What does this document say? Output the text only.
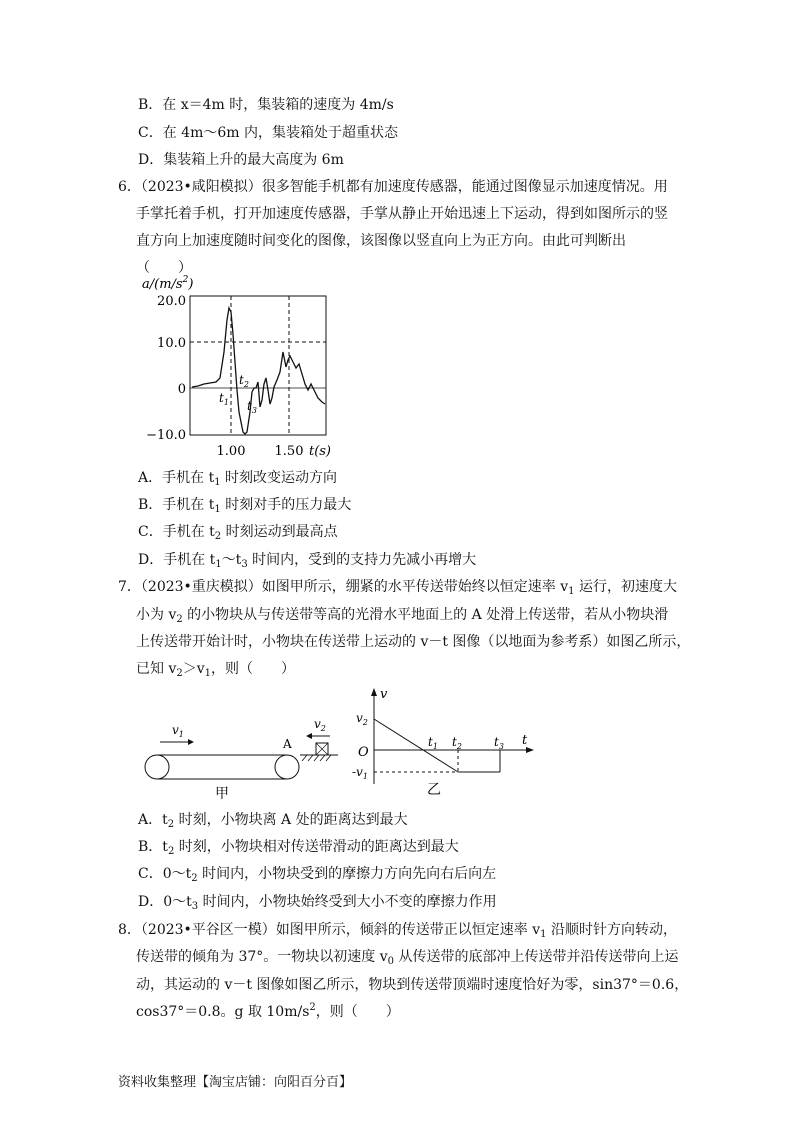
B．在 x＝4m 时，集装箱的速度为 4m/s
C．在 4m～6m 内，集装箱处于超重状态
D．集装箱上升的最大高度为 6m
6．（2023•咸阳模拟）很多智能手机都有加速度传感器，能通过图像显示加速度情况。用
手掌托着手机，打开加速度传感器，手掌从静止开始迅速上下运动，得到如图所示的竖
直方向上加速度随时间变化的图像，该图像以竖直向上为正方向。由此可判断出
（　　）
$a/(m/s^2)$
20.0
10.0
0
−10.0
1.00 1.50 t(s)
$t_1$
$t_2$
$t_3$
A．手机在 $t_1$ 时刻改变运动方向
B．手机在 $t_1$ 时刻对手的压力最大
C．手机在 $t_2$ 时刻运动到最高点
D．手机在 $t_1\sim t_3$ 时间内，受到的支持力先减小再增大
7．（2023•重庆模拟）如图甲所示，绷紧的水平传送带始终以恒定速率 $v_1$ 运行，初速度大
小为 $v_2$ 的小物块从与传送带等高的光滑水平地面上的 A 处滑上传送带，若从小物块滑
上传送带开始计时，小物块在传送带上运动的 v－t 图像（以地面为参考系）如图乙所示，
已知 $v_2>v_1$，则（　　）
$v_1$
A
$v_2$
甲
v
t
O
$v_2$
$-v_1$
$t_1$ $t_2$	$t_3$
乙
A．$t_2$ 时刻，小物块离 A 处的距离达到最大
B．$t_2$ 时刻，小物块相对传送带滑动的距离达到最大
C．$0\sim t_2$ 时间内，小物块受到的摩擦力方向先向右后向左
D．$0\sim t_3$ 时间内，小物块始终受到大小不变的摩擦力作用
8．（2023•平谷区一模）如图甲所示，倾斜的传送带正以恒定速率 $v_1$ 沿顺时针方向转动，
传送带的倾角为 37°。一物块以初速度 $v_0$ 从传送带的底部冲上传送带并沿传送带向上运
动，其运动的 v－t 图像如图乙所示，物块到传送带顶端时速度恰好为零，sin37°＝0.6，
cos37°＝0.8。g 取 $10m/s^2$，则（　　）
资料收集整理【淘宝店铺：向阳百分百】
